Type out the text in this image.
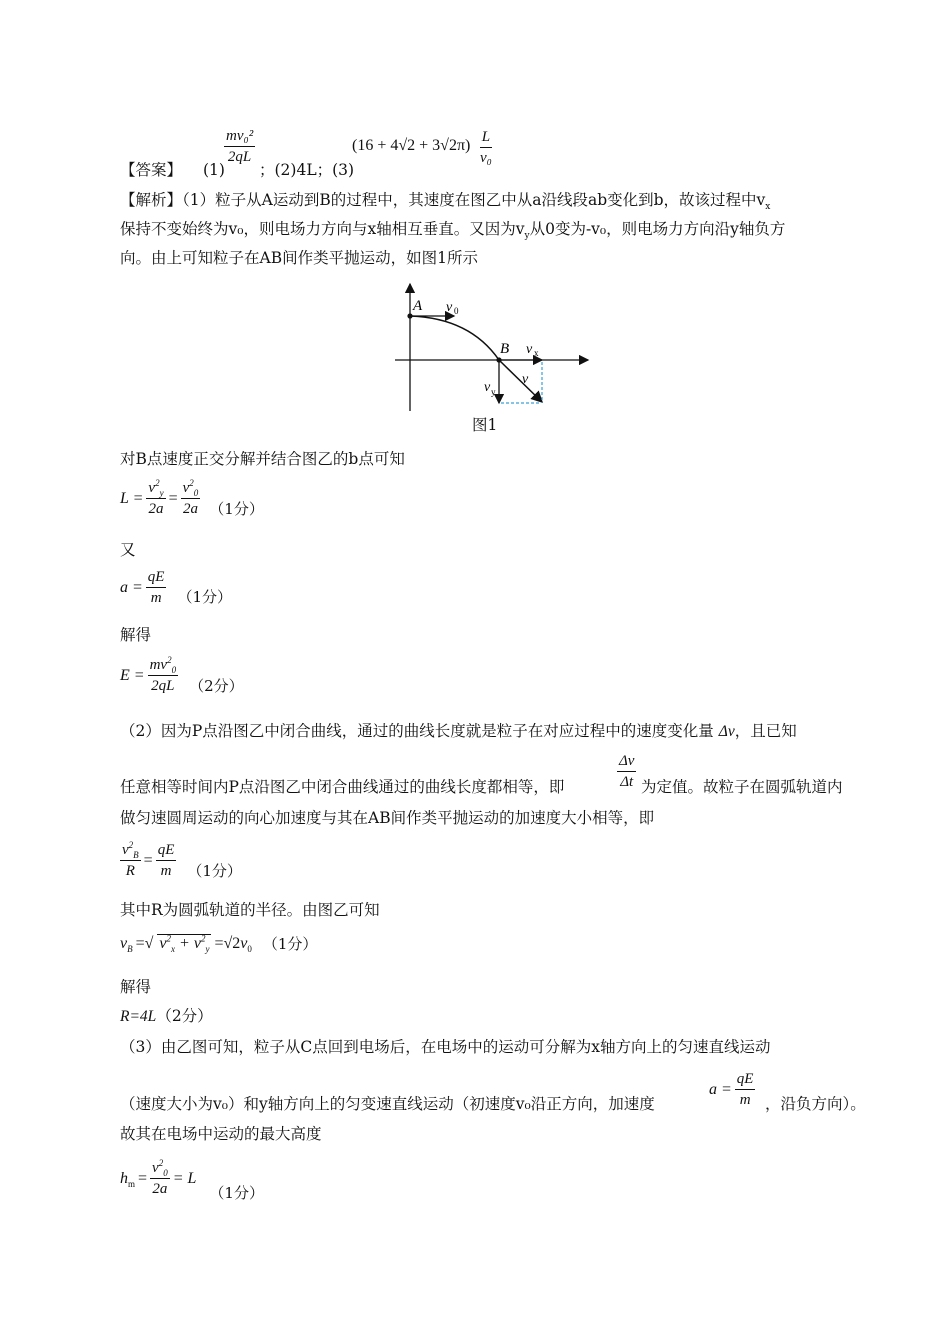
【答案】 (1)
$\frac{\text{mv₀²}}{2qL}$
；(2)4L；(3)
$(16 + 4√2 + 3√2\pi) \frac{L}{\text{v₀}}$
【解析】（1）粒子从A运动到B的过程中，其速度在图乙中从a沿线段ab变化到b，故该过程中$v_x$
保持不变始终为v₀，则电场力方向与x轴相互垂直。又因为$v_y$从0变为-v₀，则电场力方向沿y轴负方
向。由上可知粒子在AB间作类平抛运动，如图1所示
A v 0
B v x
v
v y
图1
对B点速度正交分解并结合图乙的b点可知
$L = \frac{v^2_y}{2a} = \frac{v^2_0}{2a} (1$分）
又
$a = \frac{qE}{m} (1$分）
解得
$E = \frac{mv^2_0}{2qL} (2$分）
（2）因为P点沿图乙中闭合曲线，通过的曲线长度就是粒子在对应过程中的速度变化量 Δv，且已知
任意相等时间内P点沿图乙中闭合曲线通过的曲线长度都相等，即	$\frac{\Delta v}{\Delta t}$ 为定值。故粒子在圆弧轨道内
做匀速圆周运动的向心加速度与其在AB间作类平抛运动的加速度大小相等，即
$\frac{v^2_B}{R} = \frac{qE}{m} (1$分）
其中R为圆弧轨道的半径。由图乙可知
$v_B$ =√ $v^2_x + v^2_y =√2v_0$ （1分）
解得
R=4L（2分）
（3）由乙图可知，粒子从C点回到电场后，在电场中的运动可分解为x轴方向上的匀速直线运动
（速度大小为v₀）和y轴方向上的匀变速直线运动（初速度v₀沿正方向，加速度
$a = \frac{qE}{m}$ ，沿负方向）。
故其在电场中运动的最大高度
$h_m = \frac{v^2_0}{2a} = L$
（1分）
